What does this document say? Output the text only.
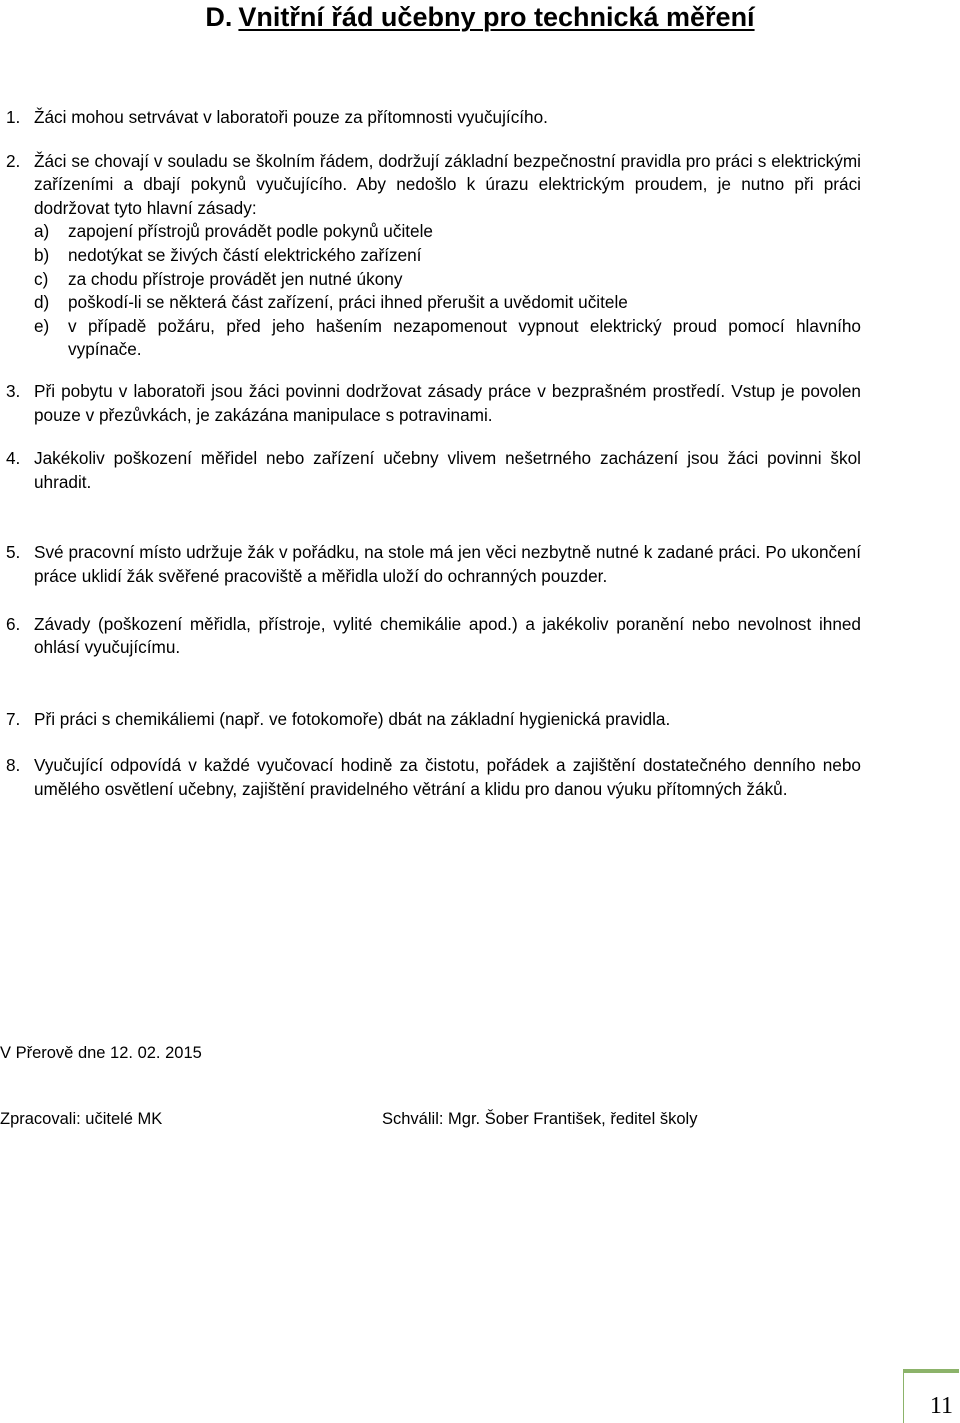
D. Vnitřní řád učebny pro technická měření
1. Žáci mohou setrvávat v laboratoři pouze za přítomnosti vyučujícího.
2. Žáci se chovají v souladu se školním řádem, dodržují základní bezpečnostní pravidla pro práci s elektrickými zařízeními a dbají pokynů vyučujícího. Aby nedošlo k úrazu elektrickým proudem, je nutno při práci dodržovat tyto hlavní zásady:
a)	zapojení přístrojů provádět podle pokynů učitele
b)	nedotýkat se živých částí elektrického zařízení
c)	za chodu přístroje provádět jen nutné úkony
d)	poškodí-li se některá část zařízení, práci ihned přerušit a uvědomit učitele
e)	v případě požáru, před jeho hašením nezapomenout vypnout elektrický proud pomocí hlavního vypínače.
3. Při pobytu v laboratoři jsou žáci povinni dodržovat zásady práce v bezprašném prostředí. Vstup je povolen pouze v přezůvkách, je zakázána manipulace s potravinami.
4. Jakékoliv poškození měřidel nebo zařízení učebny vlivem nešetrného zacházení jsou žáci povinni škol uhradit.
5. Své pracovní místo udržuje žák v pořádku, na stole má jen věci nezbytně nutné k zadané práci. Po ukončení práce uklidí žák svěřené pracoviště a měřidla uloží do ochranných pouzder.
6. Závady (poškození měřidla, přístroje, vylité chemikálie apod.) a jakékoliv poranění nebo nevolnost ihned ohlásí vyučujícímu.
7. Při práci s chemikáliemi (např. ve fotokomoře) dbát na základní hygienická pravidla.
8. Vyučující odpovídá v každé vyučovací hodině za čistotu, pořádek a zajištění dostatečného denního nebo umělého osvětlení učebny, zajištění pravidelného větrání a klidu pro danou výuku přítomných žáků.
V Přerově dne 12. 02. 2015
Zpracovali: učitelé MK	Schválil: Mgr. Šober František, ředitel školy
11
